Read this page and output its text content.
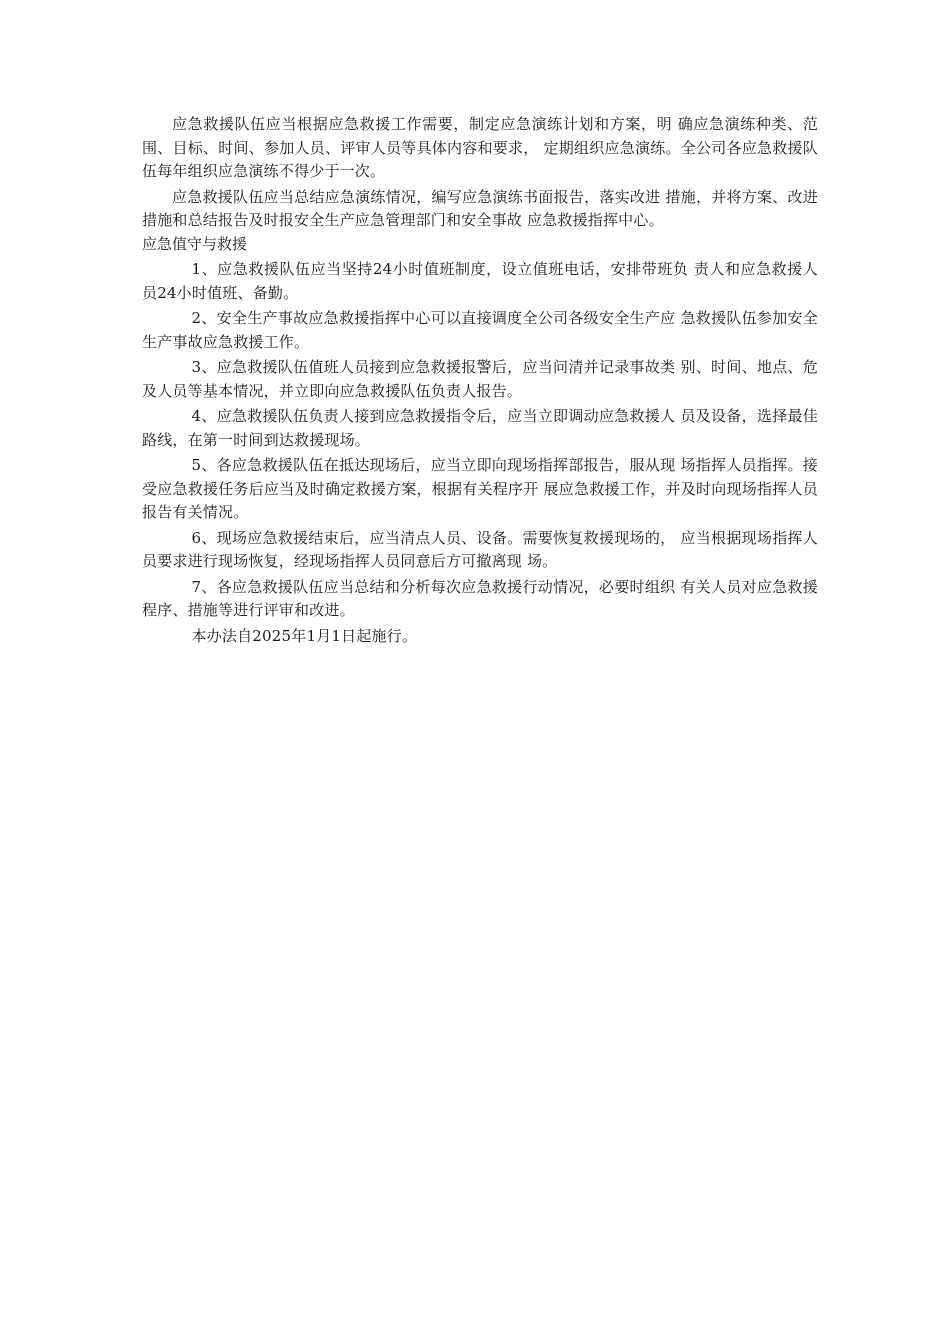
应急救援队伍应当根据应急救援工作需要，制定应急演练计划和方案，明 确应急演练种类、范围、目标、时间、参加人员、评审人员等具体内容和要求， 定期组织应急演练。全公司各应急救援队伍每年组织应急演练不得少于一次。

应急救援队伍应当总结应急演练情况，编写应急演练书面报告，落实改进 措施，并将方案、改进措施和总结报告及时报安全生产应急管理部门和安全事故 应急救援指挥中心。

应急值守与救援

1、应急救援队伍应当坚持24小时值班制度，设立值班电话，安排带班负 责人和应急救援人员24小时值班、备勤。

2、安全生产事故应急救援指挥中心可以直接调度全公司各级安全生产应 急救援队伍参加安全生产事故应急救援工作。

3、应急救援队伍值班人员接到应急救援报警后，应当问清并记录事故类 别、时间、地点、危及人员等基本情况，并立即向应急救援队伍负责人报告。

4、应急救援队伍负责人接到应急救援指令后，应当立即调动应急救援人 员及设备，选择最佳路线，在第一时间到达救援现场。

5、各应急救援队伍在抵达现场后，应当立即向现场指挥部报告，服从现 场指挥人员指挥。接受应急救援任务后应当及时确定救援方案，根据有关程序开 展应急救援工作，并及时向现场指挥人员报告有关情况。

6、现场应急救援结束后，应当清点人员、设备。需要恢复救援现场的， 应当根据现场指挥人员要求进行现场恢复，经现场指挥人员同意后方可撤离现 场。

7、各应急救援队伍应当总结和分析每次应急救援行动情况，必要时组织 有关人员对应急救援程序、措施等进行评审和改进。

本办法自2025年1月1日起施行。
